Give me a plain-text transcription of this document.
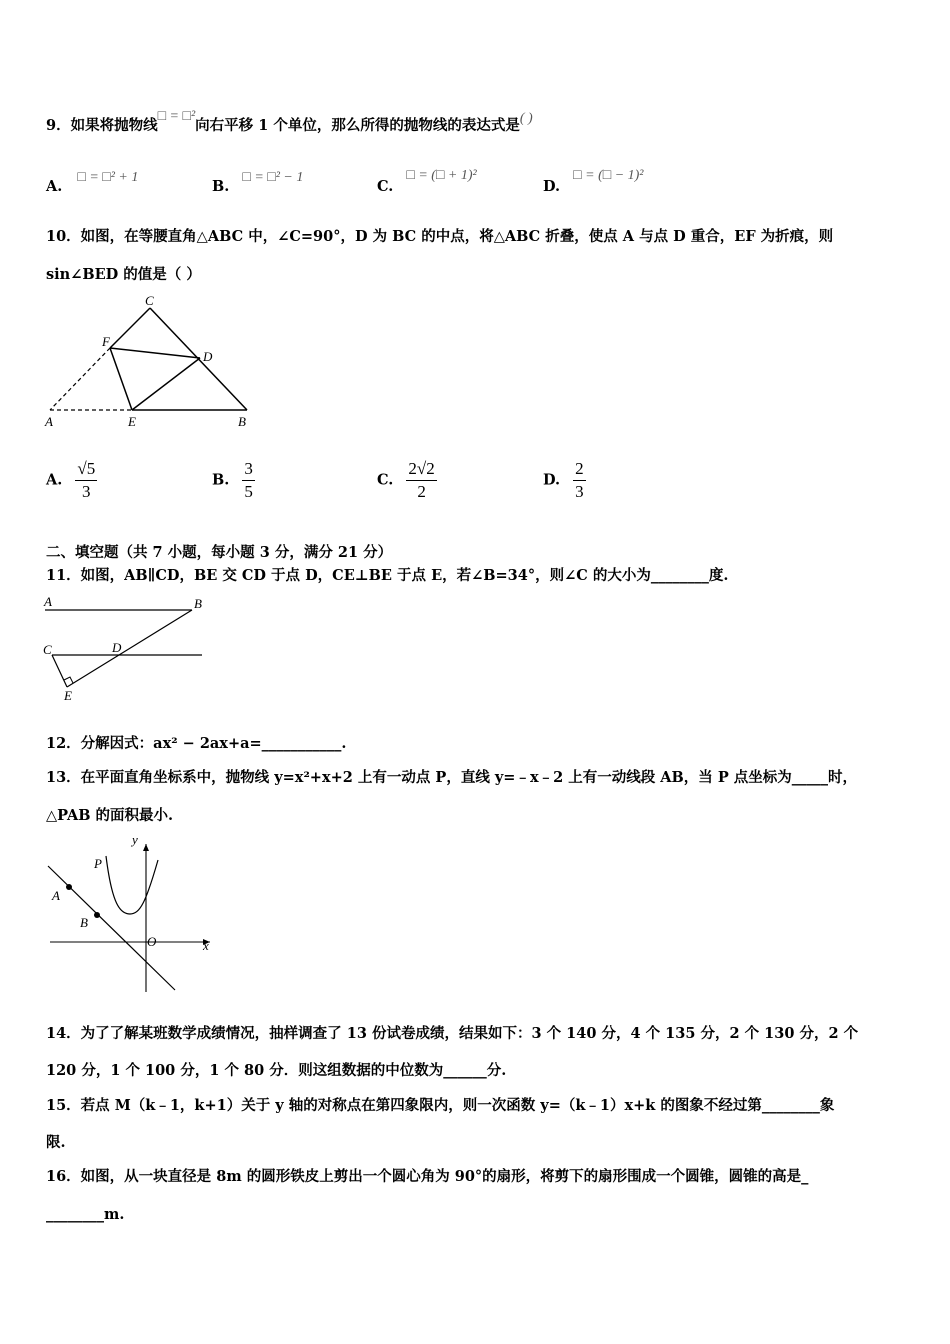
9．如果将抛物线□ = □²向右平移 1 个单位，那么所得的抛物线的表达式是( )
A. □ = □² + 1
B. □ = □² − 1
C. □ = (□ + 1)²
D. □ = (□ − 1)²
10．如图，在等腰直角△ABC 中，∠C=90°，D 为 BC 的中点，将△ABC 折叠，使点 A 与点 D 重合，EF 为折痕，则
sin∠BED 的值是（ ）
C
F
D
A	E	B
A. $\frac{√5}{3}$	B. $\frac{3}{5}$	C. $\frac{2√2}{2}$	D. $\frac{2}{3}$
二、填空题（共 7 小题，每小题 3 分，满分 21 分）
11．如图，AB∥CD，BE 交 CD 于点 D，CE⊥BE 于点 E，若∠B=34°，则∠C 的大小为________度.
A	B
C	D
E
12．分解因式：ax² − 2ax+a=___________.
13．在平面直角坐标系中，抛物线 y=x²+x+2 上有一动点 P，直线 y=﹣x﹣2 上有一动线段 AB，当 P 点坐标为_____时，
△PAB 的面积最小.
y
P
A
B
O	x
14．为了了解某班数学成绩情况，抽样调查了 13 份试卷成绩，结果如下：3 个 140 分，4 个 135 分，2 个 130 分，2 个
120 分，1 个 100 分，1 个 80 分．则这组数据的中位数为______分.
15．若点 M（k﹣1，k+1）关于 y 轴的对称点在第四象限内，则一次函数 y=（k﹣1）x+k 的图象不经过第________象
限.
16．如图，从一块直径是 8m 的圆形铁皮上剪出一个圆心角为 90°的扇形，将剪下的扇形围成一个圆锥，圆锥的高是_
________m.
